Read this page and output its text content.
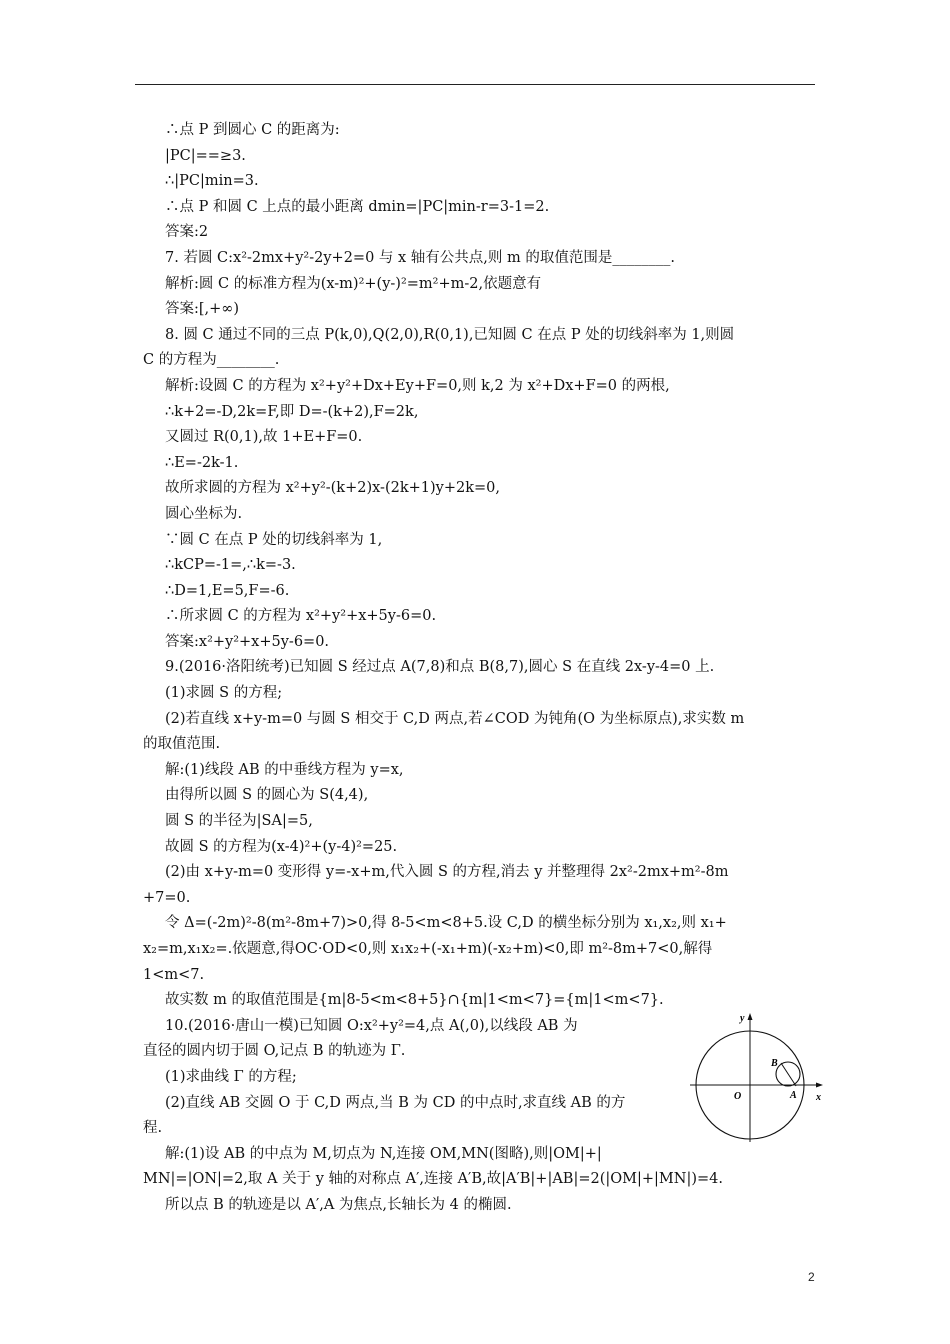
∴点 P 到圆心 C 的距离为:
|PC|==≥3.
∴|PC|min=3.
∴点 P 和圆 C 上点的最小距离 dmin=|PC|min-r=3-1=2.
答案:2
7. 若圆 C:x²-2mx+y²-2y+2=0 与 x 轴有公共点,则 m 的取值范围是________.
解析:圆 C 的标准方程为(x-m)²+(y-)²=m²+m-2,依题意有
答案:[,+∞)
8. 圆 C 通过不同的三点 P(k,0),Q(2,0),R(0,1),已知圆 C 在点 P 处的切线斜率为 1,则圆
C 的方程为________.
解析:设圆 C 的方程为 x²+y²+Dx+Ey+F=0,则 k,2 为 x²+Dx+F=0 的两根,
∴k+2=-D,2k=F,即 D=-(k+2),F=2k,
又圆过 R(0,1),故 1+E+F=0.
∴E=-2k-1.
故所求圆的方程为 x²+y²-(k+2)x-(2k+1)y+2k=0,
圆心坐标为.
∵圆 C 在点 P 处的切线斜率为 1,
∴kCP=-1=,∴k=-3.
∴D=1,E=5,F=-6.
∴所求圆 C 的方程为 x²+y²+x+5y-6=0.
答案:x²+y²+x+5y-6=0.
9.(2016·洛阳统考)已知圆 S 经过点 A(7,8)和点 B(8,7),圆心 S 在直线 2x-y-4=0 上.
(1)求圆 S 的方程;
(2)若直线 x+y-m=0 与圆 S 相交于 C,D 两点,若∠COD 为钝角(O 为坐标原点),求实数 m
的取值范围.
解:(1)线段 AB 的中垂线方程为 y=x,
由得所以圆 S 的圆心为 S(4,4),
圆 S 的半径为|SA|=5,
故圆 S 的方程为(x-4)²+(y-4)²=25.
(2)由 x+y-m=0 变形得 y=-x+m,代入圆 S 的方程,消去 y 并整理得 2x²-2mx+m²-8m
+7=0.
令 Δ=(-2m)²-8(m²-8m+7)>0,得 8-5<m<8+5.设 C,D 的横坐标分别为 x₁,x₂,则 x₁+
x₂=m,x₁x₂=.依题意,得OC·OD<0,则 x₁x₂+(-x₁+m)(-x₂+m)<0,即 m²-8m+7<0,解得
1<m<7.
故实数 m 的取值范围是{m|8-5<m<8+5}∩{m|1<m<7}={m|1<m<7}.
10.(2016·唐山一模)已知圆 O:x²+y²=4,点 A(,0),以线段 AB 为
直径的圆内切于圆 O,记点 B 的轨迹为 Γ.
(1)求曲线 Γ 的方程;
(2)直线 AB 交圆 O 于 C,D 两点,当 B 为 CD 的中点时,求直线 AB 的方
程.
解:(1)设 AB 的中点为 M,切点为 N,连接 OM,MN(图略),则|OM|+|
MN|=|ON|=2,取 A 关于 y 轴的对称点 A′,连接 A′B,故|A′B|+|AB|=2(|OM|+|MN|)=4.
所以点 B 的轨迹是以 A′,A 为焦点,长轴长为 4 的椭圆.
y
x
O
B
A
2
